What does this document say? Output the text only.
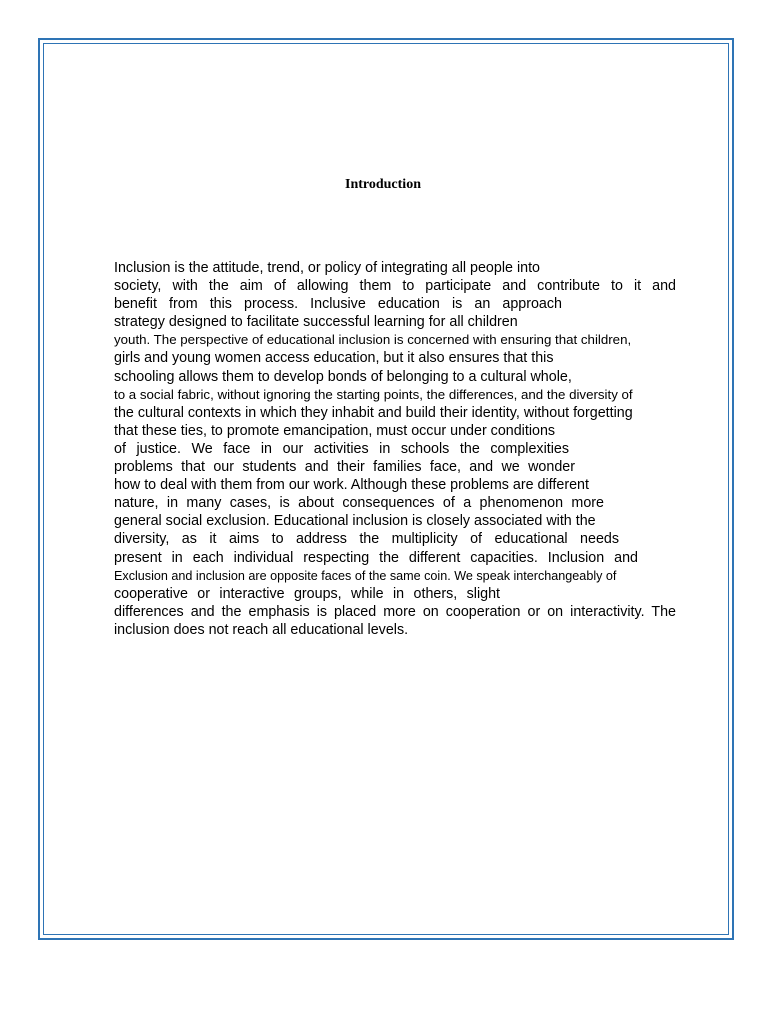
Introduction
Inclusion is the attitude, trend, or policy of integrating all people into
society, with the aim of allowing them to participate and contribute to it and
benefit from this process. Inclusive education is an approach
strategy designed to facilitate successful learning for all children
youth. The perspective of educational inclusion is concerned with ensuring that children,
girls and young women access education, but it also ensures that this
schooling allows them to develop bonds of belonging to a cultural whole,
to a social fabric, without ignoring the starting points, the differences, and the diversity of
the cultural contexts in which they inhabit and build their identity, without forgetting
that these ties, to promote emancipation, must occur under conditions
of justice. We face in our activities in schools the complexities
problems that our students and their families face, and we wonder
how to deal with them from our work. Although these problems are different
nature, in many cases, is about consequences of a phenomenon more
general social exclusion. Educational inclusion is closely associated with the
diversity, as it aims to address the multiplicity of educational needs
present in each individual respecting the different capacities. Inclusion and
Exclusion and inclusion are opposite faces of the same coin. We speak interchangeably of
cooperative or interactive groups, while in others, slight
differences and the emphasis is placed more on cooperation or on interactivity. The
inclusion does not reach all educational levels.
